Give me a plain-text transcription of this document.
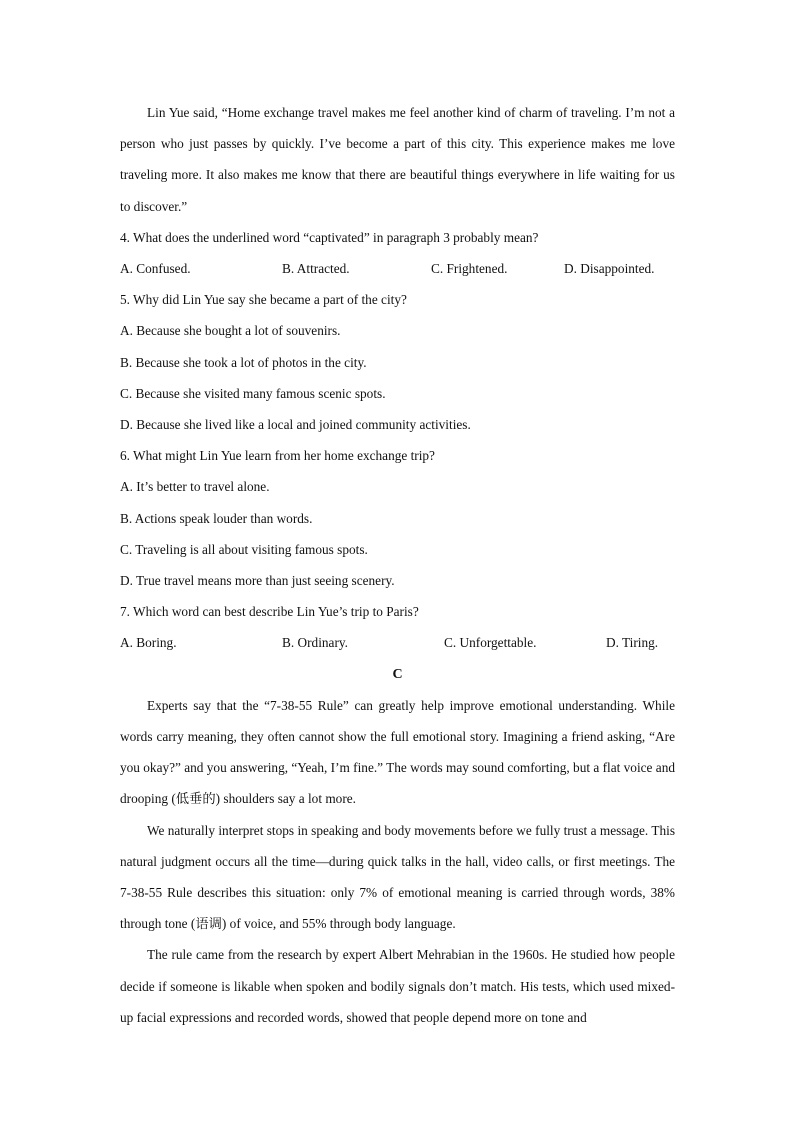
Lin Yue said, “Home exchange travel makes me feel another kind of charm of traveling. I’m not a person who just passes by quickly. I’ve become a part of this city. This experience makes me love traveling more. It also makes me know that there are beautiful things everywhere in life waiting for us to discover.”

4. What does the underlined word “captivated” in paragraph 3 probably mean?

A. Confused.	B. Attracted.	C. Frightened.	D. Disappointed.

5. Why did Lin Yue say she became a part of the city?

A. Because she bought a lot of souvenirs.

B. Because she took a lot of photos in the city.

C. Because she visited many famous scenic spots.

D. Because she lived like a local and joined community activities.

6. What might Lin Yue learn from her home exchange trip?

A. It’s better to travel alone.

B. Actions speak louder than words.

C. Traveling is all about visiting famous spots.

D. True travel means more than just seeing scenery.

7. Which word can best describe Lin Yue’s trip to Paris?

A. Boring.	B. Ordinary.	C. Unforgettable.	D. Tiring.

C

Experts say that the “7-38-55 Rule” can greatly help improve emotional understanding. While words carry meaning, they often cannot show the full emotional story. Imagining a friend asking, “Are you okay?” and you answering, “Yeah, I’m fine.” The words may sound comforting, but a flat voice and drooping (低垂的) shoulders say a lot more.

We naturally interpret stops in speaking and body movements before we fully trust a message. This natural judgment occurs all the time—during quick talks in the hall, video calls, or first meetings. The 7-38-55 Rule describes this situation: only 7% of emotional meaning is carried through words, 38% through tone (语调) of voice, and 55% through body language.

The rule came from the research by expert Albert Mehrabian in the 1960s. He studied how people decide if someone is likable when spoken and bodily signals don’t match. His tests, which used mixed-up facial expressions and recorded words, showed that people depend more on tone and
